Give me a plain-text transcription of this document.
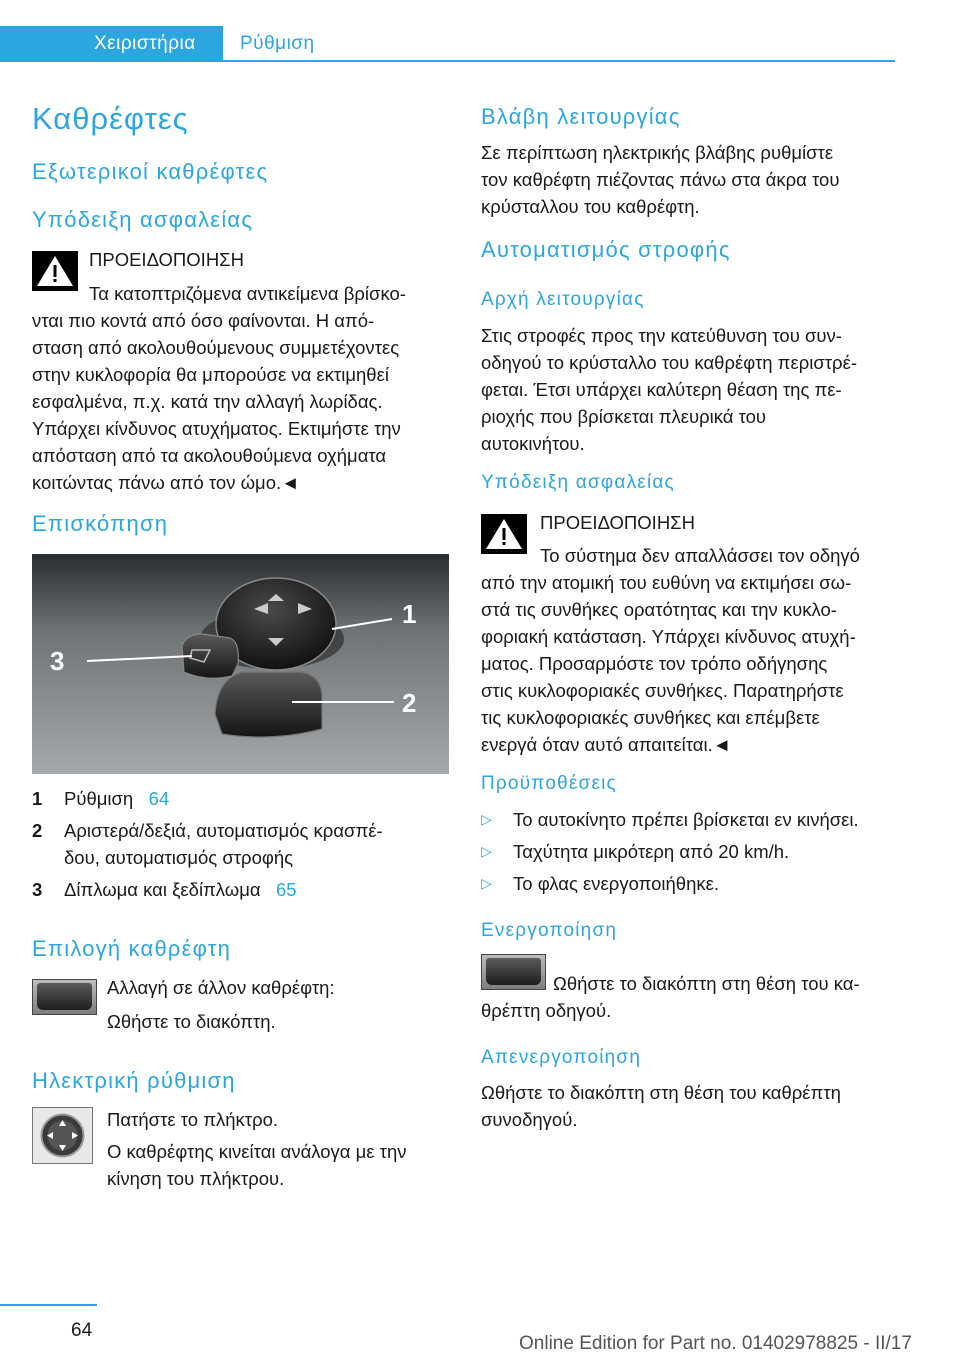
Χειριστήρια	Ρύθμιση
Καθρέφτες
Εξωτερικοί καθρέφτες
Υπόδειξη ασφαλείας
ΠΡΟΕΙΔΟΠΟΙΗΣΗ
Τα κατοπτριζόμενα αντικείμενα βρίσκο-
νται πιο κοντά από όσο φαίνονται. Η από-
σταση από ακολουθούμενους συμμετέχοντες
στην κυκλοφορία θα μπορούσε να εκτιμηθεί
εσφαλμένα, π.χ. κατά την αλλαγή λωρίδας.
Υπάρχει κίνδυνος ατυχήματος. Εκτιμήστε την
απόσταση από τα ακολουθούμενα οχήματα
κοιτώντας πάνω από τον ώμο.◄
Επισκόπηση
3
1
2
1 Ρύθμιση 64
2 Αριστερά/δεξιά, αυτοματισμός κρασπέ-
δου, αυτοματισμός στροφής
3 Δίπλωμα και ξεδίπλωμα 65
Επιλογή καθρέφτη
Αλλαγή σε άλλον καθρέφτη:
Ωθήστε το διακόπτη.
Ηλεκτρική ρύθμιση
Πατήστε το πλήκτρο.
Ο καθρέφτης κινείται ανάλογα με την
κίνηση του πλήκτρου.
Βλάβη λειτουργίας
Σε περίπτωση ηλεκτρικής βλάβης ρυθμίστε
τον καθρέφτη πιέζοντας πάνω στα άκρα του
κρύσταλλου του καθρέφτη.
Αυτοματισμός στροφής
Αρχή λειτουργίας
Στις στροφές προς την κατεύθυνση του συν-
οδηγού το κρύσταλλο του καθρέφτη περιστρέ-
φεται. Έτσι υπάρχει καλύτερη θέαση της πε-
ριοχής που βρίσκεται πλευρικά του
αυτοκινήτου.
Υπόδειξη ασφαλείας
ΠΡΟΕΙΔΟΠΟΙΗΣΗ
Το σύστημα δεν απαλλάσσει τον οδηγό
από την ατομική του ευθύνη να εκτιμήσει σω-
στά τις συνθήκες ορατότητας και την κυκλο-
φοριακή κατάσταση. Υπάρχει κίνδυνος ατυχή-
ματος. Προσαρμόστε τον τρόπο οδήγησης
στις κυκλοφοριακές συνθήκες. Παρατηρήστε
τις κυκλοφοριακές συνθήκες και επέμβετε
ενεργά όταν αυτό απαιτείται.◄
Προϋποθέσεις
▷ Το αυτοκίνητο πρέπει βρίσκεται εν κινήσει.
▷ Ταχύτητα μικρότερη από 20 km/h.
▷ Το φλας ενεργοποιήθηκε.
Ενεργοποίηση
Ωθήστε το διακόπτη στη θέση του κα-
θρέπτη οδηγού.
Απενεργοποίηση
Ωθήστε το διακόπτη στη θέση του καθρέπτη
συνοδηγού.
64
Online Edition for Part no. 01402978825 - II/17
